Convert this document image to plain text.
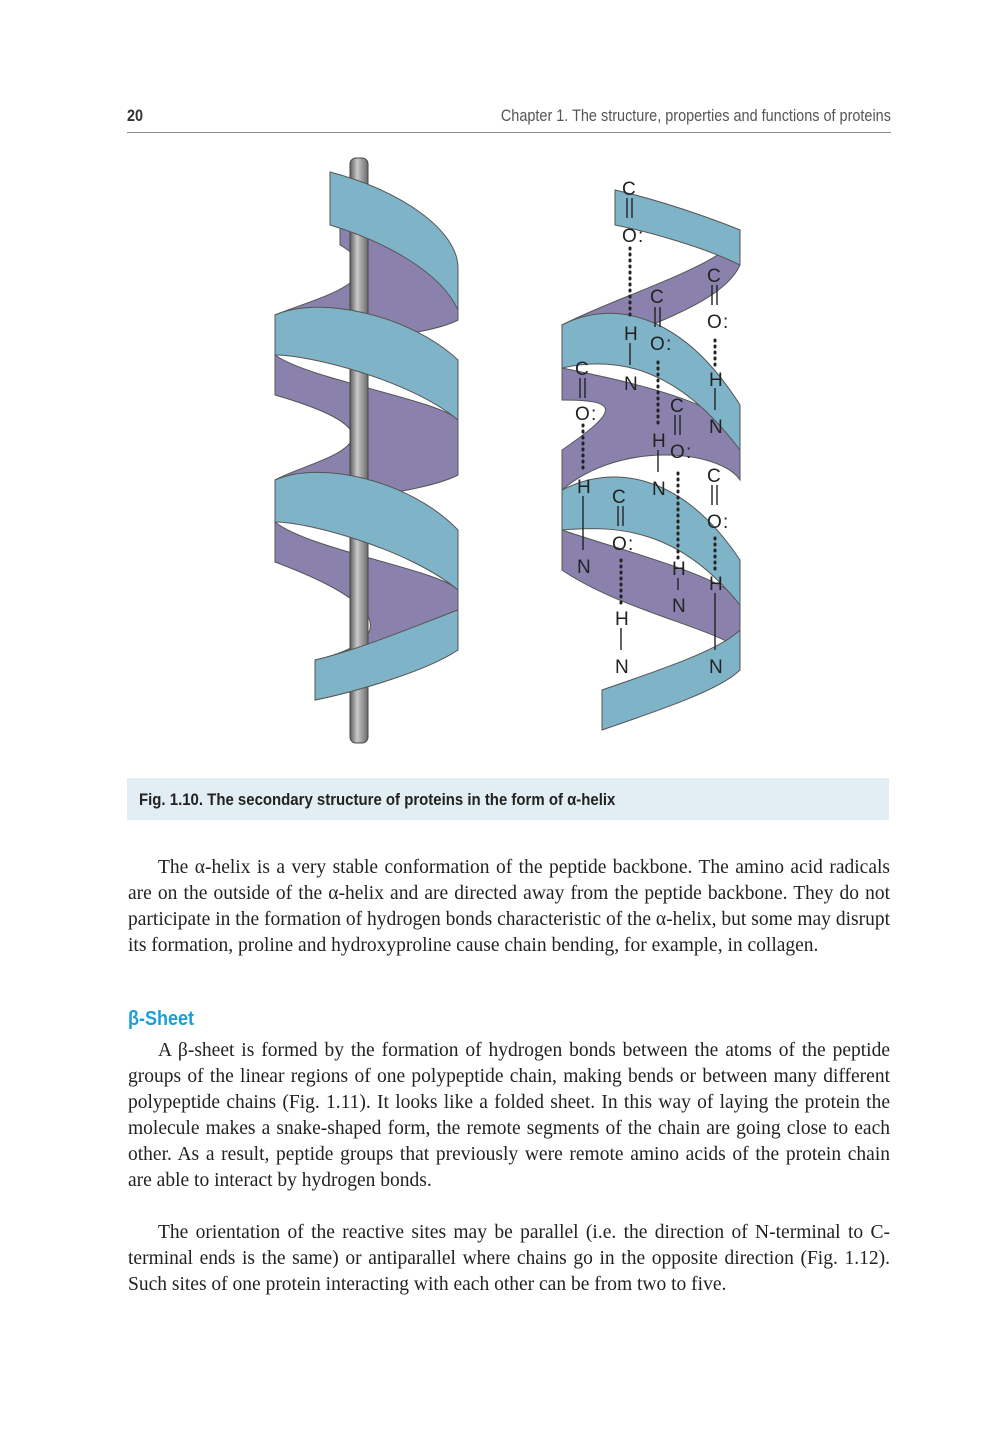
20	Chapter 1. The structure, properties and functions of proteins
C
O :
C
O :
C
O :
H
N
C
O :
H
N
C
O :
H
N
C
O :
H C
O :
N	H
N
H
H
N	N
Fig. 1.10. The secondary structure of proteins in the form of α-helix

The α-helix is a very stable conformation of the peptide backbone. The amino acid radicals are on the outside of the α-helix and are directed away from the peptide backbone. They do not participate in the formation of hydrogen bonds characteristic of the α-helix, but some may disrupt its formation, proline and hydroxyproline cause chain bending, for example, in collagen.

β-Sheet

A β-sheet is formed by the formation of hydrogen bonds between the atoms of the peptide groups of the linear regions of one polypeptide chain, making bends or between many different polypeptide chains (Fig. 1.11). It looks like a folded sheet. In this way of laying the protein the molecule makes a snake-shaped form, the remote segments of the chain are going close to each other. As a result, peptide groups that previously were remote amino acids of the protein chain are able to interact by hydrogen bonds.

The orientation of the reactive sites may be parallel (i.e. the direction of N-terminal to C-terminal ends is the same) or antiparallel where chains go in the opposite direction (Fig. 1.12). Such sites of one protein interacting with each other can be from two to five.
